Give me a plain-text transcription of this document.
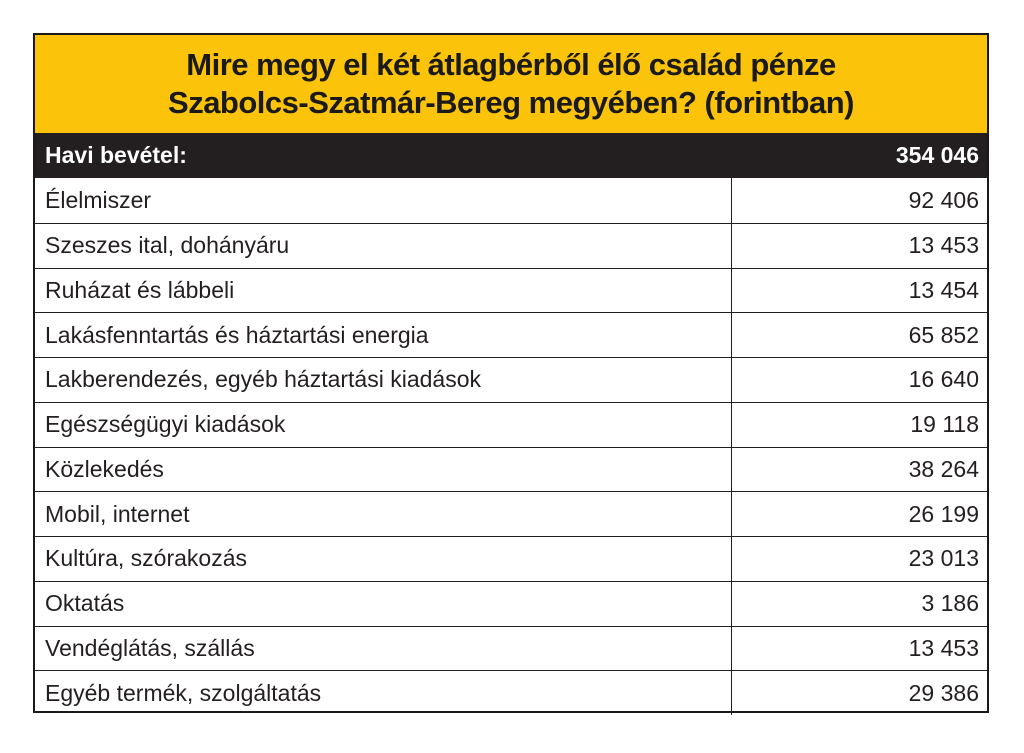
Mire megy el két átlagbérből élő család pénze
Szabolcs-Szatmár-Bereg megyében? (forintban)
Havi bevétel:	354 046
Élelmiszer	92 406
Szeszes ital, dohányáru	13 453
Ruházat és lábbeli	13 454
Lakásfenntartás és háztartási energia	65 852
Lakberendezés, egyéb háztartási kiadások	16 640
Egészségügyi kiadások	19 118
Közlekedés	38 264
Mobil, internet	26 199
Kultúra, szórakozás	23 013
Oktatás	3 186
Vendéglátás, szállás	13 453
Egyéb termék, szolgáltatás	29 386
